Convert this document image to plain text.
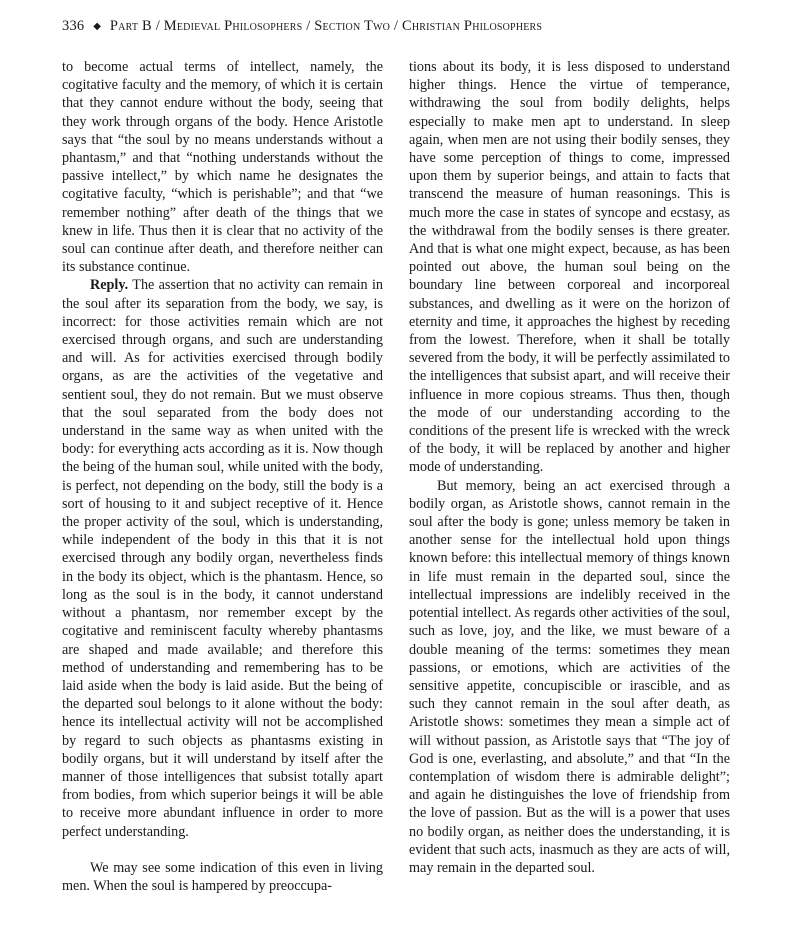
336 ◆ Part B / Medieval Philosophers / Section Two / Christian Philosophers

to become actual terms of intellect, namely, the cogitative faculty and the memory, of which it is certain that they cannot endure without the body, seeing that they work through organs of the body. Hence Aristotle says that “the soul by no means understands without a phantasm,” and that “nothing understands without the passive intellect,” by which name he designates the cogitative faculty, “which is perishable”; and that “we remember nothing” after death of the things that we knew in life. Thus then it is clear that no activity of the soul can continue after death, and therefore neither can its substance continue.

Reply. The assertion that no activity can remain in the soul after its separation from the body, we say, is incorrect: for those activities remain which are not exercised through organs, and such are understanding and will. As for activities exercised through bodily organs, as are the activities of the vegetative and sentient soul, they do not remain. But we must observe that the soul separated from the body does not understand in the same way as when united with the body: for everything acts according as it is. Now though the being of the human soul, while united with the body, is perfect, not depending on the body, still the body is a sort of housing to it and subject receptive of it. Hence the proper activity of the soul, which is understanding, while independent of the body in this that it is not exercised through any bodily organ, nevertheless finds in the body its object, which is the phantasm. Hence, so long as the soul is in the body, it cannot understand without a phantasm, nor remember except by the cogitative and reminiscent faculty whereby phantasms are shaped and made available; and therefore this method of understanding and remembering has to be laid aside when the body is laid aside. But the being of the departed soul belongs to it alone without the body: hence its intellectual activity will not be accomplished by regard to such objects as phantasms existing in bodily organs, but it will understand by itself after the manner of those intelligences that subsist totally apart from bodies, from which superior beings it will be able to receive more abundant influence in order to more perfect understanding.

We may see some indication of this even in living men. When the soul is hampered by preoccupa-

tions about its body, it is less disposed to understand higher things. Hence the virtue of temperance, withdrawing the soul from bodily delights, helps especially to make men apt to understand. In sleep again, when men are not using their bodily senses, they have some perception of things to come, impressed upon them by superior beings, and attain to facts that transcend the measure of human reasonings. This is much more the case in states of syncope and ecstasy, as the withdrawal from the bodily senses is there greater. And that is what one might expect, because, as has been pointed out above, the human soul being on the boundary line between corporeal and incorporeal substances, and dwelling as it were on the horizon of eternity and time, it approaches the highest by receding from the lowest. Therefore, when it shall be totally severed from the body, it will be perfectly assimilated to the intelligences that subsist apart, and will receive their influence in more copious streams. Thus then, though the mode of our understanding according to the conditions of the present life is wrecked with the wreck of the body, it will be replaced by another and higher mode of understanding.

But memory, being an act exercised through a bodily organ, as Aristotle shows, cannot remain in the soul after the body is gone; unless memory be taken in another sense for the intellectual hold upon things known before: this intellectual memory of things known in life must remain in the departed soul, since the intellectual impressions are indelibly received in the potential intellect. As regards other activities of the soul, such as love, joy, and the like, we must beware of a double meaning of the terms: sometimes they mean passions, or emotions, which are activities of the sensitive appetite, concupiscible or irascible, and as such they cannot remain in the soul after death, as Aristotle shows: sometimes they mean a simple act of will without passion, as Aristotle says that “The joy of God is one, everlasting, and absolute,” and that “In the contemplation of wisdom there is admirable delight”; and again he distinguishes the love of friendship from the love of passion. But as the will is a power that uses no bodily organ, as neither does the understanding, it is evident that such acts, inasmuch as they are acts of will, may remain in the departed soul.
